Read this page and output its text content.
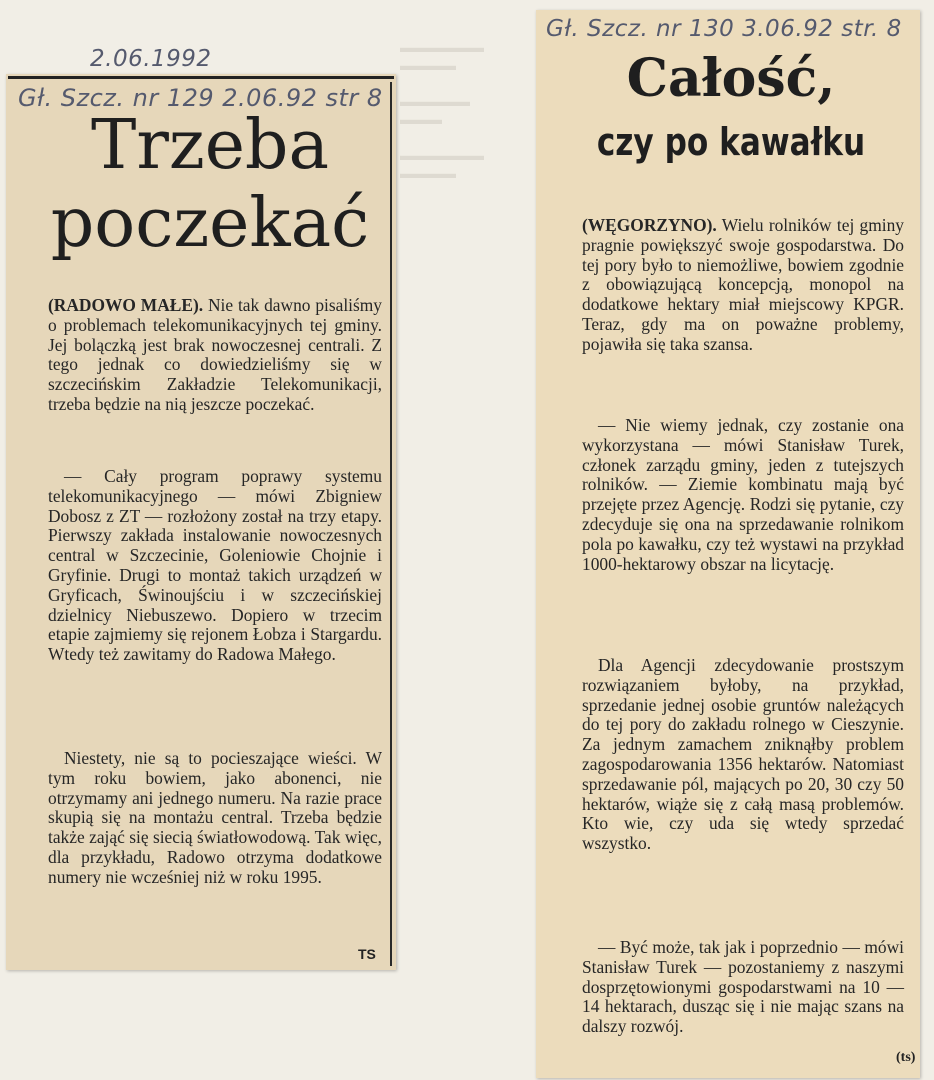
▬▬▬▬▬▬
▬▬▬▬

▬▬▬▬▬
▬▬▬

▬▬▬▬▬▬
▬▬▬▬
2.06.1992
Gł. Szcz. nr 129 2.06.92 str 8
Trzeba
poczekać

(RADOWO MAŁE). Nie tak dawno pisaliśmy o problemach telekomunikacyjnych tej gminy. Jej bolączką jest brak nowoczesnej centrali. Z tego jednak co dowiedzieliśmy się w szczecińskim Zakładzie Telekomunikacji, trzeba będzie na nią jeszcze poczekać.

— Cały program poprawy systemu telekomunikacyjnego — mówi Zbigniew Dobosz z ZT — rozłożony został na trzy etapy. Pierwszy zakłada instalowanie nowoczesnych central w Szczecinie, Goleniowie Chojnie i Gryfinie. Drugi to montaż takich urządzeń w Gryficach, Świnoujściu i w szczecińskiej dzielnicy Niebuszewo. Dopiero w trzecim etapie zajmiemy się rejonem Łobza i Stargardu. Wtedy też zawitamy do Radowa Małego.

Niestety, nie są to pocieszające wieści. W tym roku bowiem, jako abonenci, nie otrzymamy ani jednego numeru. Na razie prace skupią się na montażu central. Trzeba będzie także zająć się siecią światłowodową. Tak więc, dla przykładu, Radowo otrzyma dodatkowe numery nie wcześniej niż w roku 1995.

TS
Gł. Szcz. nr 130 3.06.92 str. 8
Całość,
czy po kawałku

(WĘGORZYNO). Wielu rolników tej gminy pragnie powiększyć swoje gospodarstwa. Do tej pory było to niemożliwe, bowiem zgodnie z obowiązującą koncepcją, monopol na dodatkowe hektary miał miejscowy KPGR. Teraz, gdy ma on poważne problemy, pojawiła się taka szansa.

— Nie wiemy jednak, czy zostanie ona wykorzystana — mówi Stanisław Turek, członek zarządu gminy, jeden z tutejszych rolników. — Ziemie kombinatu mają być przejęte przez Agencję. Rodzi się pytanie, czy zdecyduje się ona na sprzedawanie rolnikom pola po kawałku, czy też wystawi na przykład 1000-hektarowy obszar na licytację.

Dla Agencji zdecydowanie prostszym rozwiązaniem byłoby, na przykład, sprzedanie jednej osobie gruntów należących do tej pory do zakładu rolnego w Cieszynie. Za jednym zamachem zniknąłby problem zagospodarowania 1356 hektarów. Natomiast sprzedawanie pól, mających po 20, 30 czy 50 hektarów, wiąże się z całą masą problemów. Kto wie, czy uda się wtedy sprzedać wszystko.

— Być może, tak jak i poprzednio — mówi Stanisław Turek — pozostaniemy z naszymi dosprzętowionymi gospodarstwami na 10 — 14 hektarach, dusząc się i nie mając szans na dalszy rozwój.

(ts)
